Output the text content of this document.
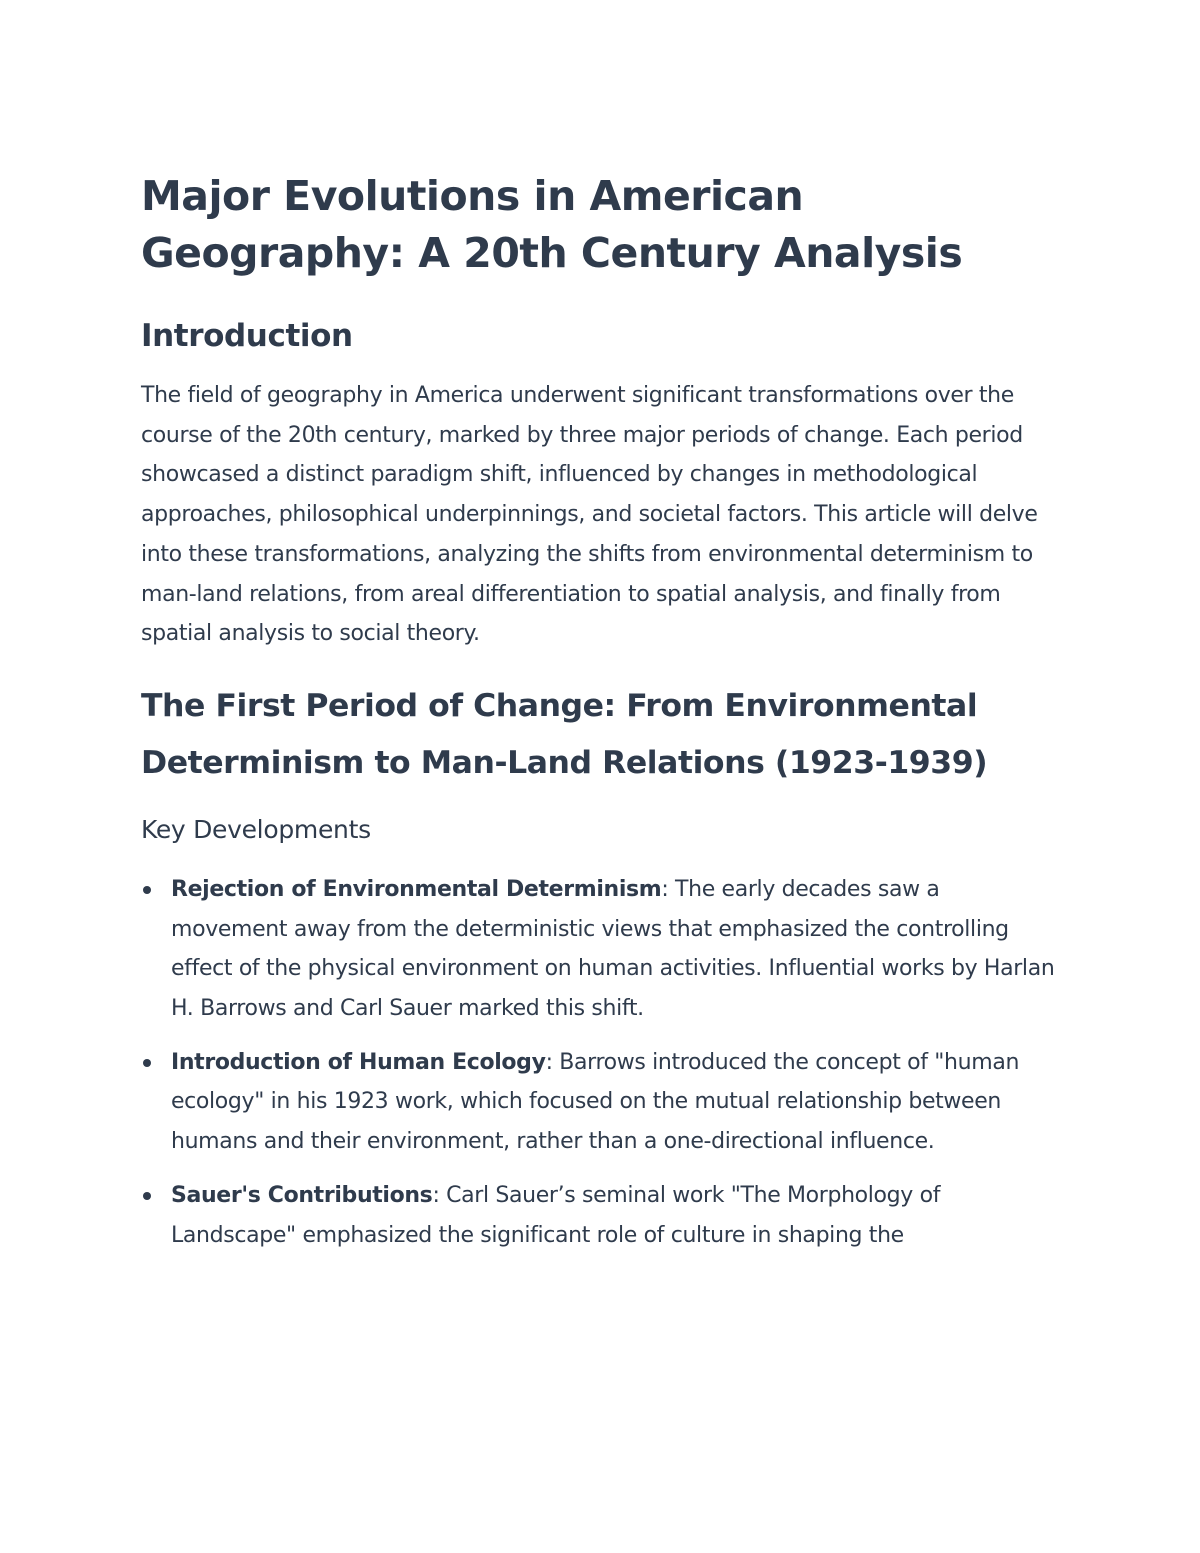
Major Evolutions in American Geography: A 20th Century Analysis
Introduction

The field of geography in America underwent significant transformations over the course of the 20th century, marked by three major periods of change. Each period showcased a distinct paradigm shift, influenced by changes in methodological approaches, philosophical underpinnings, and societal factors. This article will delve into these transformations, analyzing the shifts from environmental determinism to man-land relations, from areal differentiation to spatial analysis, and finally from spatial analysis to social theory.

The First Period of Change: From Environmental Determinism to Man-Land Relations (1923-1939)
Key Developments
Rejection of Environmental Determinism: The early decades saw a movement away from the deterministic views that emphasized the controlling effect of the physical environment on human activities. Influential works by Harlan H. Barrows and Carl Sauer marked this shift.
Introduction of Human Ecology: Barrows introduced the concept of "human ecology" in his 1923 work, which focused on the mutual relationship between humans and their environment, rather than a one-directional influence.
Sauer's Contributions: Carl Sauer’s seminal work "The Morphology of Landscape" emphasized the significant role of culture in shaping the
